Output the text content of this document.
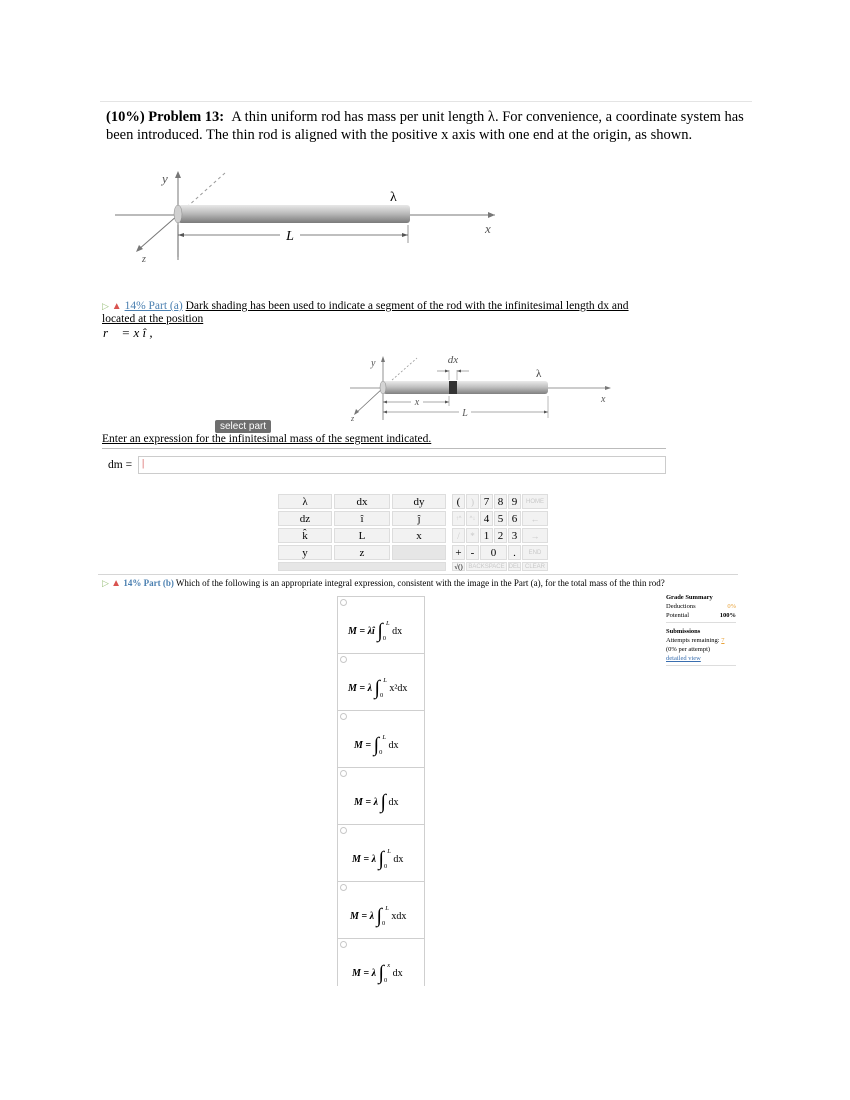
(10%) Problem 13: A thin uniform rod has mass per unit length λ. For convenience, a coordinate system has been introduced. The thin rod is aligned with the positive x axis with one end at the origin, as shown.
L
y
x
z
λ
▷ ▲ 14% Part (a) Dark shading has been used to indicate a segment of the rod with the infinitesimal length dx and located at the position
r⃗ = x î ,
x
L
dx
y
x
z
λ
select part
Enter an expression for the infinitesimal mass of the segment indicated.
dm = |
λ	dx	dy
dz	î	ĵ
k̂	L	x
y	z
(	) 7 8 9	HOME
↑^	^↓ 4 5 6	←
/	* 1 2 3	→
+ -	0	.	END
√() BACKSPACE DEL CLEAR
▷ ▲ 14% Part (b) Which of the following is an appropriate integral expression, consistent with the image in the Part (a), for the total mass of the thin rod?
M = λî $\int_0^L$ dx
M = λ $\int_0^L$ x²dx
$M = \int_0^L$ dx
M = λ ∫ dx
M = λ $\int_0^L$ dx
M = λ $\int_0^L$ xdx
M = λ $\int_0^x$ dx
Grade Summary
Deductions	0%
Potential	100%
Submissions
Attempts remaining: 7
(0% per attempt)
detailed view
